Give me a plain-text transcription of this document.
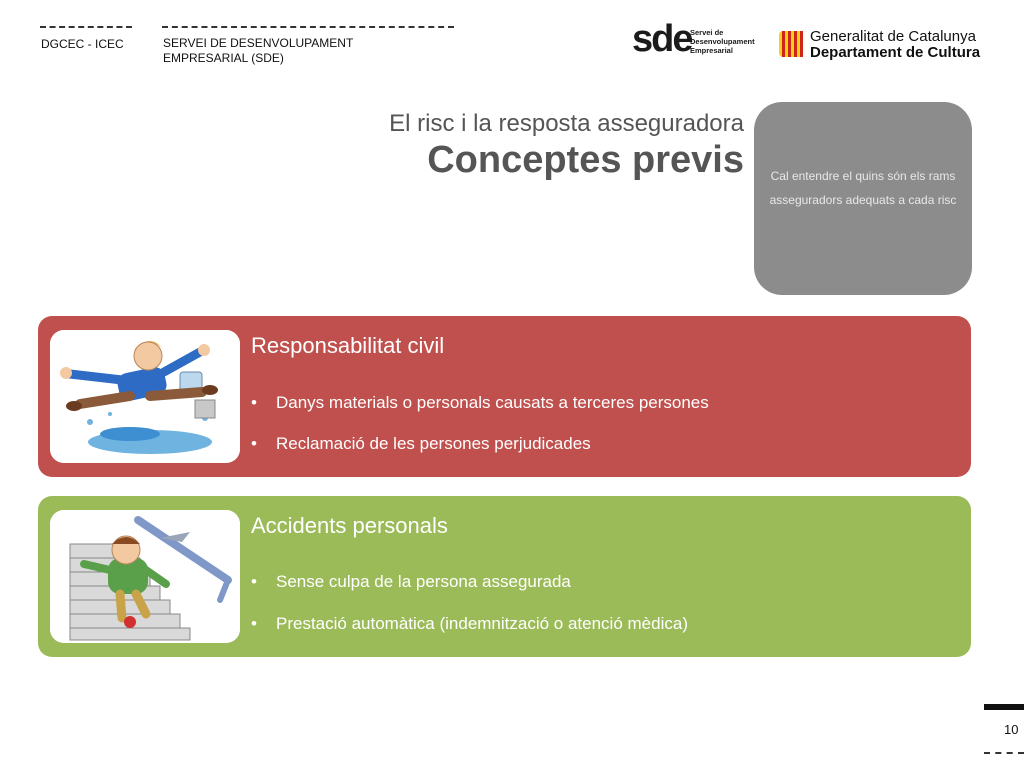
DGCEC - ICEC	SERVEI DE DESENVOLUPAMENT
EMPRESARIAL (SDE)	sde
Servei de
Desenvolupament
Empresarial
Generalitat de Catalunya
Departament de Cultura
El risc i la resposta asseguradora
Conceptes previs	Cal entendre el quins són els rams asseguradors adequats a cada risc
Responsabilitat civil
• Danys materials o personals causats a terceres persones
• Reclamació de les persones perjudicades
Accidents personals
• Sense culpa de la persona assegurada
• Prestació automàtica (indemnització o atenció mèdica)
10
